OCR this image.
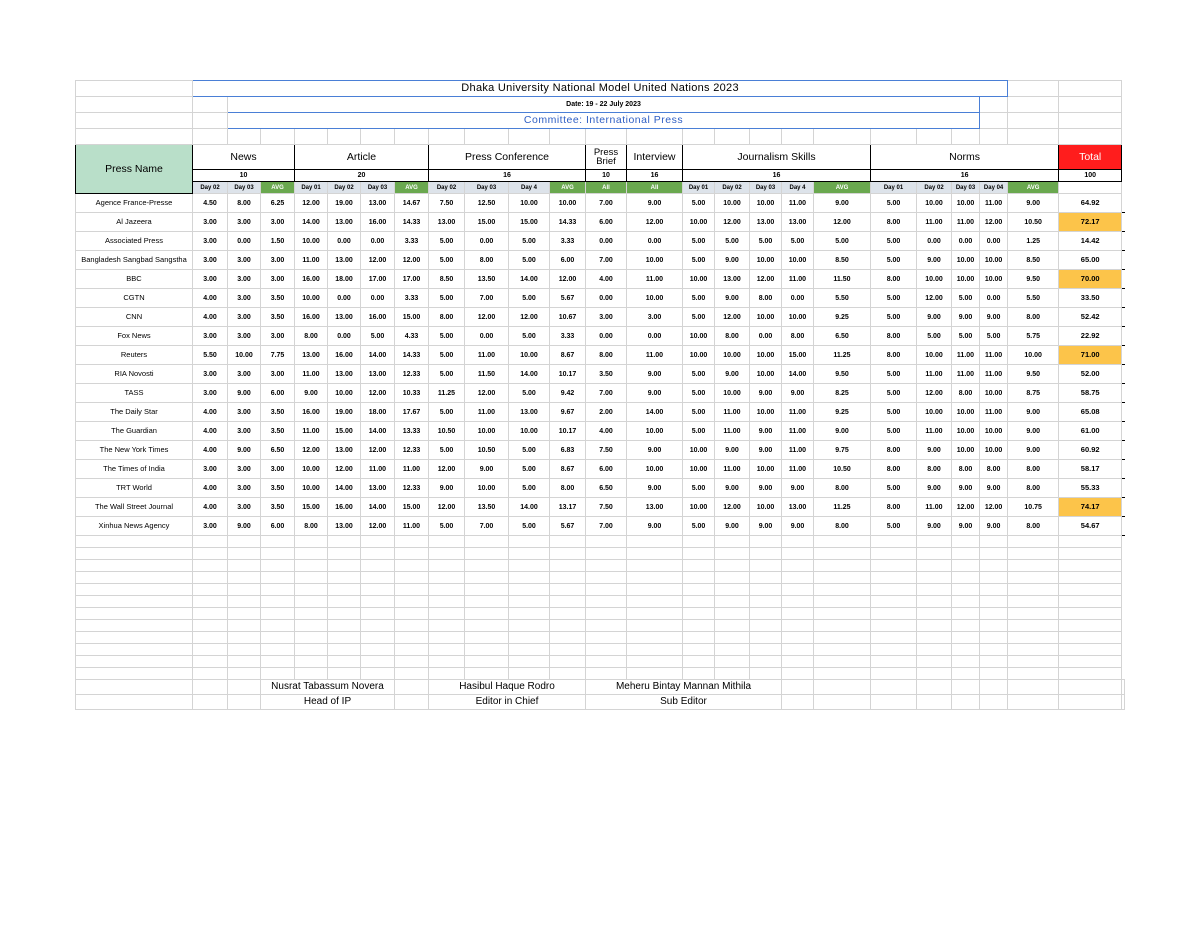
	Dhaka University National Model United Nations 2023																								
		Date: 19 - 22 July 2023																							
		Committee: International Press																							

Press Name	News			Article				Press Conference				Press Brief	Interview	Journalism Skills					Norms					Total	
	10			20				16				10	16	16					16					100	
	Day 02	Day 03	AVG	Day 01	Day 02	Day 03	AVG	Day 02	Day 03	Day 4	AVG	All	All	Day 01	Day 02	Day 03	Day 4	AVG	Day 01	Day 02	Day 03	Day 04	AVG		
Agence France-Presse	4.50	8.00	6.25	12.00	19.00	13.00	14.67	7.50	12.50	10.00	10.00	7.00	9.00	5.00	10.00	10.00	11.00	9.00	5.00	10.00	10.00	11.00	9.00	64.92	
Al Jazeera	3.00	3.00	3.00	14.00	13.00	16.00	14.33	13.00	15.00	15.00	14.33	6.00	12.00	10.00	12.00	13.00	13.00	12.00	8.00	11.00	11.00	12.00	10.50	72.17	
Associated Press	3.00	0.00	1.50	10.00	0.00	0.00	3.33	5.00	0.00	5.00	3.33	0.00	0.00	5.00	5.00	5.00	5.00	5.00	5.00	0.00	0.00	0.00	1.25	14.42	
Bangladesh Sangbad Sangstha	3.00	3.00	3.00	11.00	13.00	12.00	12.00	5.00	8.00	5.00	6.00	7.00	10.00	5.00	9.00	10.00	10.00	8.50	5.00	9.00	10.00	10.00	8.50	65.00	
BBC	3.00	3.00	3.00	16.00	18.00	17.00	17.00	8.50	13.50	14.00	12.00	4.00	11.00	10.00	13.00	12.00	11.00	11.50	8.00	10.00	10.00	10.00	9.50	70.00	
CGTN	4.00	3.00	3.50	10.00	0.00	0.00	3.33	5.00	7.00	5.00	5.67	0.00	10.00	5.00	9.00	8.00	0.00	5.50	5.00	12.00	5.00	0.00	5.50	33.50	
CNN	4.00	3.00	3.50	16.00	13.00	16.00	15.00	8.00	12.00	12.00	10.67	3.00	3.00	5.00	12.00	10.00	10.00	9.25	5.00	9.00	9.00	9.00	8.00	52.42	
Fox News	3.00	3.00	3.00	8.00	0.00	5.00	4.33	5.00	0.00	5.00	3.33	0.00	0.00	10.00	8.00	0.00	8.00	6.50	8.00	5.00	5.00	5.00	5.75	22.92	
Reuters	5.50	10.00	7.75	13.00	16.00	14.00	14.33	5.00	11.00	10.00	8.67	8.00	11.00	10.00	10.00	10.00	15.00	11.25	8.00	10.00	11.00	11.00	10.00	71.00	
RIA Novosti	3.00	3.00	3.00	11.00	13.00	13.00	12.33	5.00	11.50	14.00	10.17	3.50	9.00	5.00	9.00	10.00	14.00	9.50	5.00	11.00	11.00	11.00	9.50	52.00	
TASS	3.00	9.00	6.00	9.00	10.00	12.00	10.33	11.25	12.00	5.00	9.42	7.00	9.00	5.00	10.00	9.00	9.00	8.25	5.00	12.00	8.00	10.00	8.75	58.75	
The Daily Star	4.00	3.00	3.50	16.00	19.00	18.00	17.67	5.00	11.00	13.00	9.67	2.00	14.00	5.00	11.00	10.00	11.00	9.25	5.00	10.00	10.00	11.00	9.00	65.08	
The Guardian	4.00	3.00	3.50	11.00	15.00	14.00	13.33	10.50	10.00	10.00	10.17	4.00	10.00	5.00	11.00	9.00	11.00	9.00	5.00	11.00	10.00	10.00	9.00	61.00	
The New York Times	4.00	9.00	6.50	12.00	13.00	12.00	12.33	5.00	10.50	5.00	6.83	7.50	9.00	10.00	9.00	9.00	11.00	9.75	8.00	9.00	10.00	10.00	9.00	60.92	
The Times of India	3.00	3.00	3.00	10.00	12.00	11.00	11.00	12.00	9.00	5.00	8.67	6.00	10.00	10.00	11.00	10.00	11.00	10.50	8.00	8.00	8.00	8.00	8.00	58.17	
TRT World	4.00	3.00	3.50	10.00	14.00	13.00	12.33	9.00	10.00	5.00	8.00	6.50	9.00	5.00	9.00	9.00	9.00	8.00	5.00	9.00	9.00	9.00	8.00	55.33	
The Wall Street Journal	4.00	3.00	3.50	15.00	16.00	14.00	15.00	12.00	13.50	14.00	13.17	7.50	13.00	10.00	12.00	10.00	13.00	11.25	8.00	11.00	12.00	12.00	10.75	74.17	
Xinhua News Agency	3.00	9.00	6.00	8.00	13.00	12.00	11.00	5.00	7.00	5.00	5.67	7.00	9.00	5.00	9.00	9.00	9.00	8.00	5.00	9.00	9.00	9.00	8.00	54.67	

			Nusrat Tabassum Novera					Hasibul Haque Rodro				Meheru Bintay Mannan Mithila													
			Head of IP					Editor in Chief				Sub Editor													
